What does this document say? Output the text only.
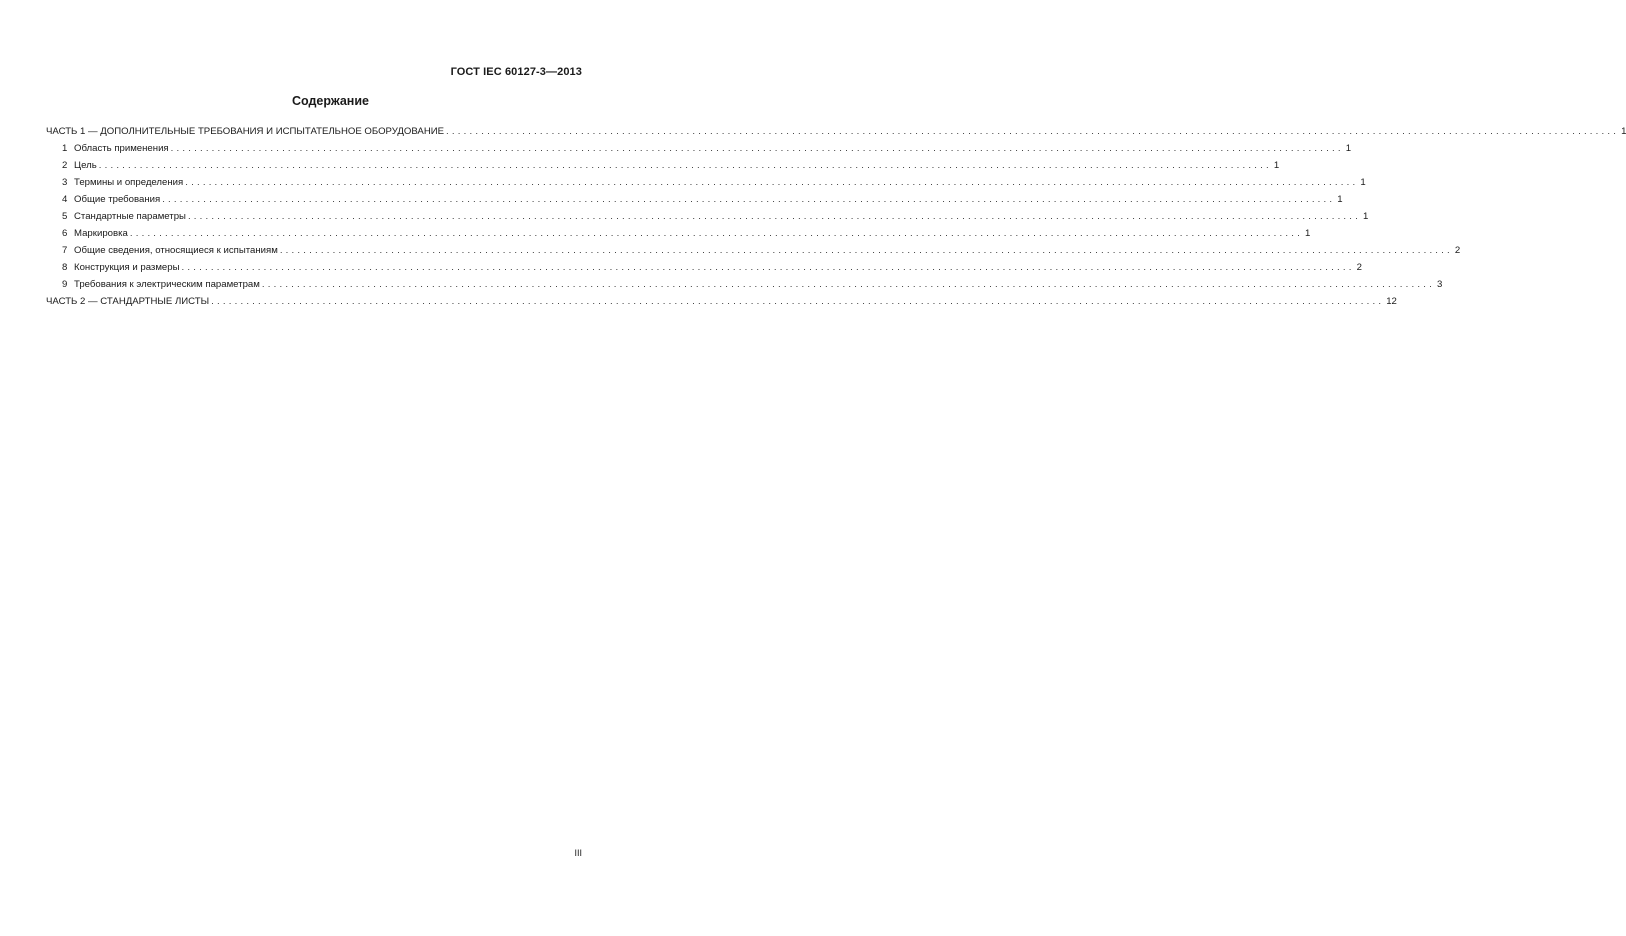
ГОСТ IEC 60127-3—2013
Содержание
ЧАСТЬ 1 — ДОПОЛНИТЕЛЬНЫЕ ТРЕБОВАНИЯ И ИСПЫТАТЕЛЬНОЕ ОБОРУДОВАНИЕ ........................................................................................................................................................................................................ 1
1 Область применения ........................................................................................................................................................................................................ 1
2 Цель ........................................................................................................................................................................................................ 1
3 Термины и определения ........................................................................................................................................................................................................ 1
4 Общие требования ........................................................................................................................................................................................................ 1
5 Стандартные параметры ........................................................................................................................................................................................................ 1
6 Маркировка ........................................................................................................................................................................................................ 1
7 Общие сведения, относящиеся к испытаниям ........................................................................................................................................................................................................ 2
8 Конструкция и размеры ........................................................................................................................................................................................................ 2
9 Требования к электрическим параметрам ........................................................................................................................................................................................................ 3
ЧАСТЬ 2 — СТАНДАРТНЫЕ ЛИСТЫ ........................................................................................................................................................................................................ 12
III
